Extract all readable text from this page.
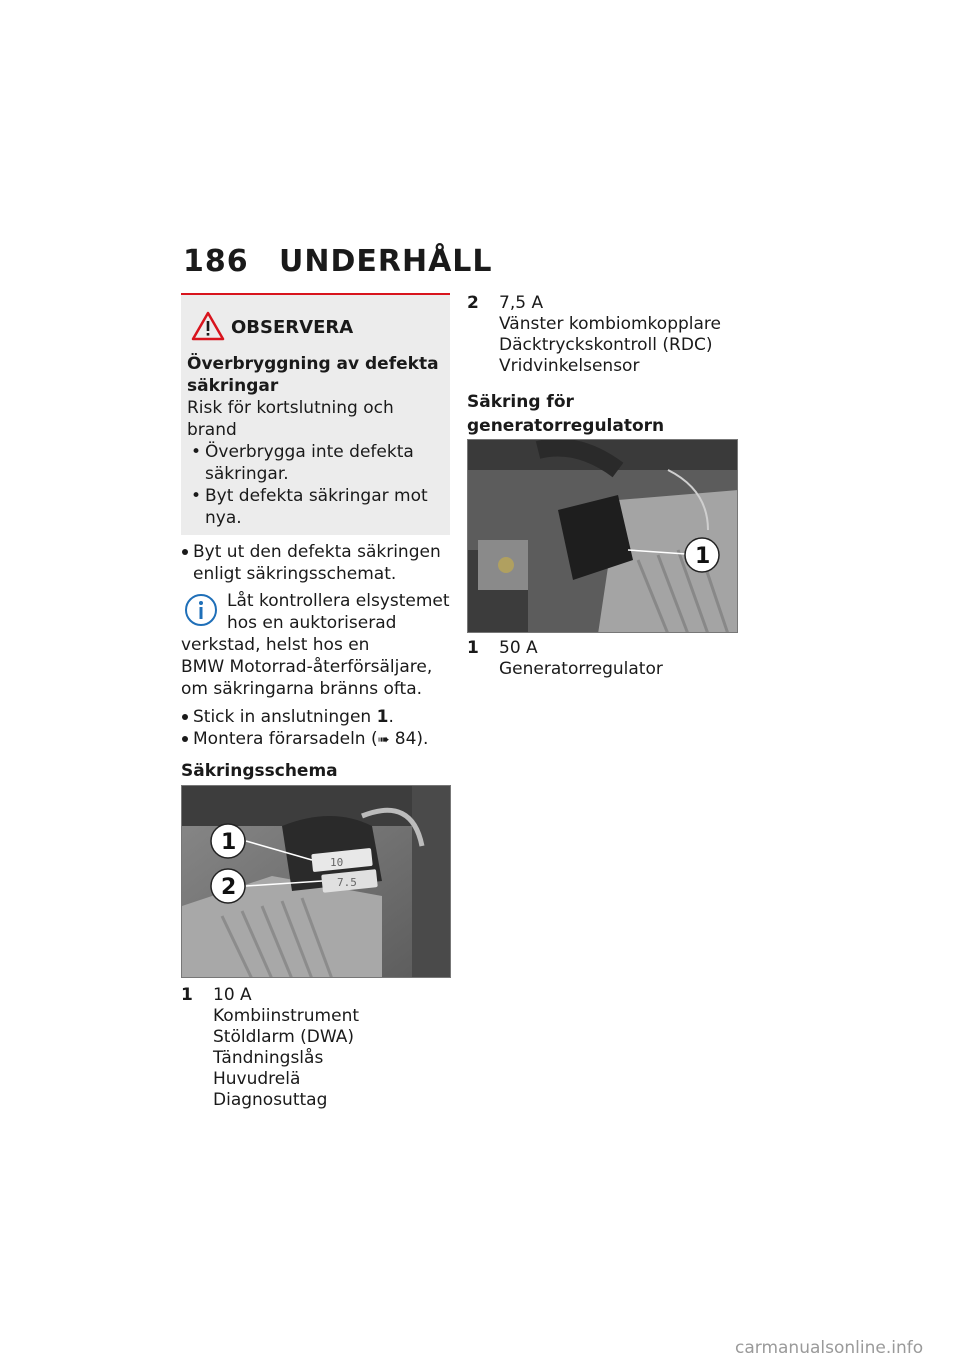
186 UNDERHÅLL
OBSERVERA
Överbryggning av defekta
säkringar
Risk för kortslutning och
brand
• Överbrygga inte defekta
säkringar.
• Byt defekta säkringar mot
nya.
Byt ut den defekta säkringen
enligt säkringsschemat.
Låt kontrollera elsystemet
hos en auktoriserad
verkstad, helst hos en
BMW Motorrad-återförsäljare,
om säkringarna bränns ofta.
Stick in anslutningen 1.
Montera förarsadeln (➠ 84).
Säkringsschema
10
7.5
1
2
1 10 A
Kombiinstrument
Stöldlarm (DWA)
Tändningslås
Huvudrelä
Diagnosuttag
2 7,5 A
Vänster kombiomkopplare
Däcktryckskontroll (RDC)
Vridvinkelsensor
Säkring för
generatorregulatorn
1
1 50 A
Generatorregulator
carmanualsonline.info
